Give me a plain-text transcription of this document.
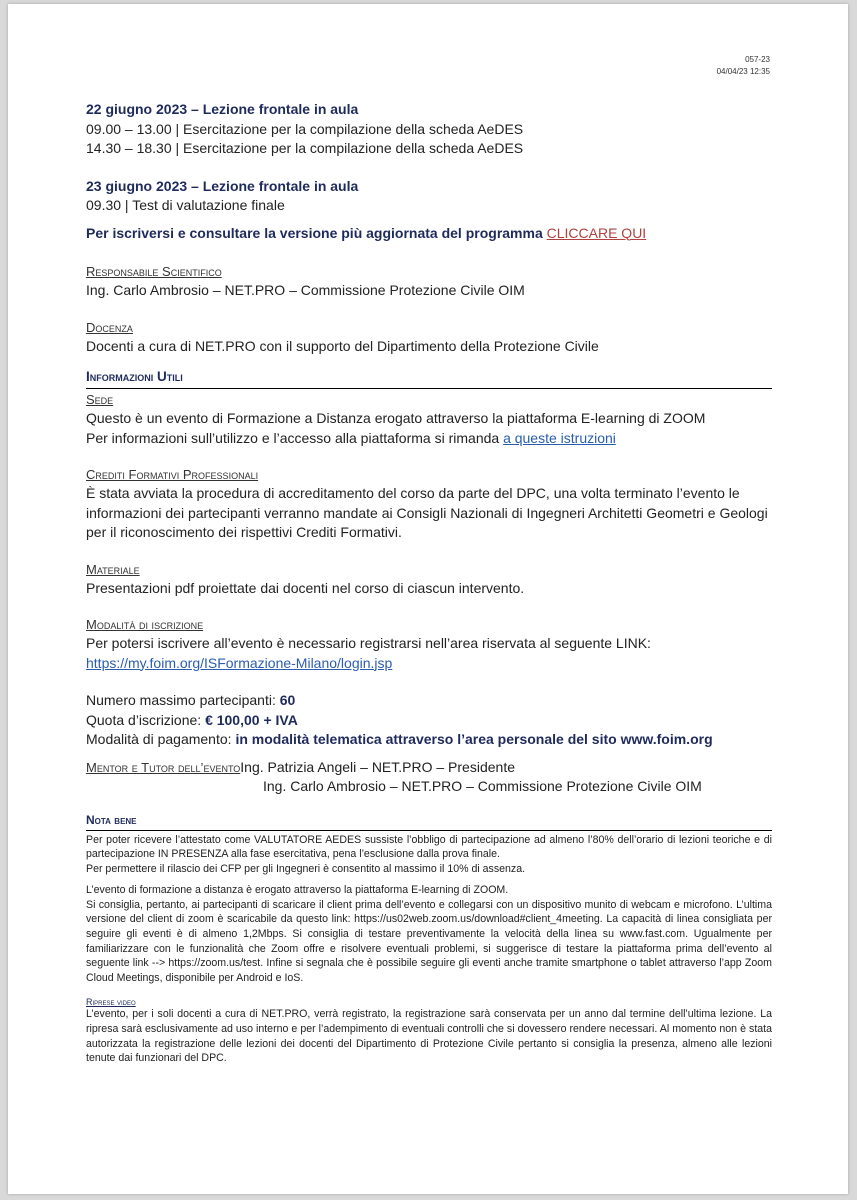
057-23
04/04/23 12:35
22 giugno 2023 – Lezione frontale in aula
09.00 – 13.00 | Esercitazione per la compilazione della scheda AeDES
14.30 – 18.30 | Esercitazione per la compilazione della scheda AeDES
23 giugno 2023 – Lezione frontale in aula
09.30 | Test di valutazione finale
Per iscriversi e consultare la versione più aggiornata del programma CLICCARE QUI
Responsabile Scientifico
Ing. Carlo Ambrosio – NET.PRO – Commissione Protezione Civile OIM
Docenza
Docenti a cura di NET.PRO con il supporto del Dipartimento della Protezione Civile
Informazioni Utili
Sede
Questo è un evento di Formazione a Distanza erogato attraverso la piattaforma E-learning di ZOOM
Per informazioni sull’utilizzo e l’accesso alla piattaforma si rimanda a queste istruzioni
Crediti Formativi Professionali
È stata avviata la procedura di accreditamento del corso da parte del DPC, una volta terminato l’evento le informazioni dei partecipanti verranno mandate ai Consigli Nazionali di Ingegneri Architetti Geometri e Geologi per il riconoscimento dei rispettivi Crediti Formativi.
Materiale
Presentazioni pdf proiettate dai docenti nel corso di ciascun intervento.
Modalità di iscrizione
Per potersi iscrivere all’evento è necessario registrarsi nell’area riservata al seguente LINK:
https://my.foim.org/ISFormazione-Milano/login.jsp
Numero massimo partecipanti: 60
Quota d’iscrizione: € 100,00 + IVA
Modalità di pagamento: in modalità telematica attraverso l’area personale del sito www.foim.org
Mentor e Tutor dell’evento Ing. Patrizia Angeli – NET.PRO – Presidente
Ing. Carlo Ambrosio – NET.PRO – Commissione Protezione Civile OIM
Nota bene
Per poter ricevere l’attestato come VALUTATORE AEDES sussiste l’obbligo di partecipazione ad almeno l’80% dell’orario di lezioni teoriche e di partecipazione IN PRESENZA alla fase esercitativa, pena l’esclusione dalla prova finale.
Per permettere il rilascio dei CFP per gli Ingegneri è consentito al massimo il 10% di assenza.
L’evento di formazione a distanza è erogato attraverso la piattaforma E-learning di ZOOM.
Si consiglia, pertanto, ai partecipanti di scaricare il client prima dell’evento e collegarsi con un dispositivo munito di webcam e microfono. L’ultima versione del client di zoom è scaricabile da questo link: https://us02web.zoom.us/download#client_4meeting. La capacità di linea consigliata per seguire gli eventi è di almeno 1,2Mbps. Si consiglia di testare preventivamente la velocità della linea su www.fast.com. Ugualmente per familiarizzare con le funzionalità che Zoom offre e risolvere eventuali problemi, si suggerisce di testare la piattaforma prima dell’evento al seguente link --> https://zoom.us/test. Infine si segnala che è possibile seguire gli eventi anche tramite smartphone o tablet attraverso l’app Zoom Cloud Meetings, disponibile per Android e IoS.
Riprese video
L’evento, per i soli docenti a cura di NET.PRO, verrà registrato, la registrazione sarà conservata per un anno dal termine dell’ultima lezione. La ripresa sarà esclusivamente ad uso interno e per l’adempimento di eventuali controlli che si dovessero rendere necessari. Al momento non è stata autorizzata la registrazione delle lezioni dei docenti del Dipartimento di Protezione Civile pertanto si consiglia la presenza, almeno alle lezioni tenute dai funzionari del DPC.
